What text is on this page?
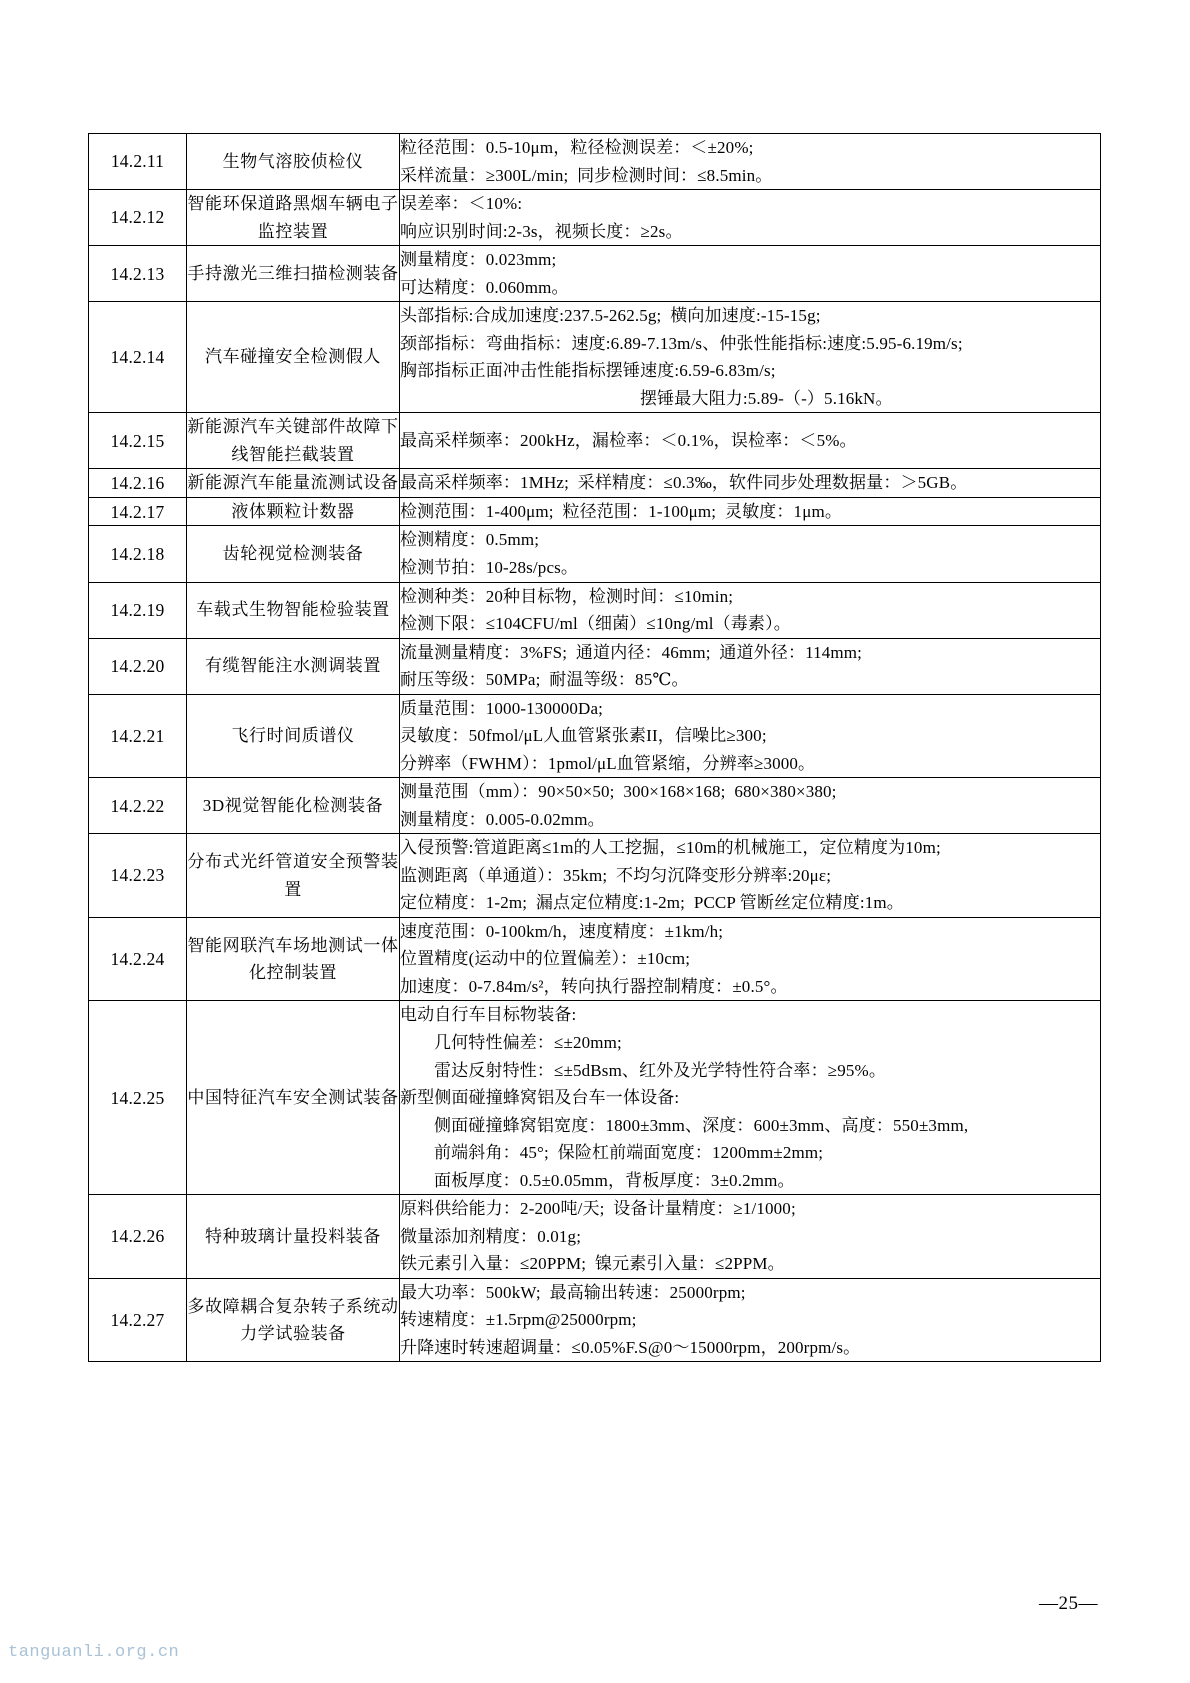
14.2.11	生物气溶胶侦检仪	粒径范围：0.5-10μm，粒径检测误差：＜±20%;
采样流量：≥300L/min;  同步检测时间：≤8.5min。

14.2.12	智能环保道路黑烟车辆电子监控装置	误差率：＜10%:
响应识别时间:2-3s，视频长度：≥2s。

14.2.13	手持激光三维扫描检测装备	测量精度：0.023mm;
可达精度：0.060mm。

14.2.14	汽车碰撞安全检测假人	头部指标:合成加速度:237.5-262.5g;  横向加速度:-15-15g;
颈部指标：弯曲指标：速度:6.89-7.13m/s、仲张性能指标:速度:5.95-6.19m/s;
胸部指标正面冲击性能指标摆锤速度:6.59-6.83m/s;
摆锤最大阻力:5.89-（-）5.16kN。

14.2.15	新能源汽车关键部件故障下线智能拦截装置	最高采样频率：200kHz，漏检率：＜0.1%，误检率：＜5%。

14.2.16	新能源汽车能量流测试设备	最高采样频率：1MHz;  采样精度：≤0.3‰，软件同步处理数据量：＞5GB。

14.2.17	液体颗粒计数器	检测范围：1-400μm;  粒径范围：1-100μm;  灵敏度：1μm。

14.2.18	齿轮视觉检测装备	检测精度：0.5mm;
检测节拍：10-28s/pcs。

14.2.19	车载式生物智能检验装置	检测种类：20种目标物，检测时间：≤10min;
检测下限：≤104CFU/ml（细菌）≤10ng/ml（毒素）。

14.2.20	有缆智能注水测调装置	流量测量精度：3%FS;  通道内径：46mm;  通道外径：114mm;
耐压等级：50MPa;  耐温等级：85℃。

14.2.21	飞行时间质谱仪	质量范围：1000-130000Da;
灵敏度：50fmol/μL人血管紧张素II，信噪比≥300;
分辨率（FWHM）：1pmol/μL血管紧缩，分辨率≥3000。

14.2.22	3D视觉智能化检测装备	测量范围（mm）：90×50×50;  300×168×168;  680×380×380;
测量精度：0.005-0.02mm。

14.2.23	分布式光纤管道安全预警装置	入侵预警:管道距离≤1m的人工挖掘，≤10m的机械施工，定位精度为10m;
监测距离（单通道）：35km;  不均匀沉降变形分辨率:20με;
定位精度：1-2m;  漏点定位精度:1-2m;  PCCP 管断丝定位精度:1m。

14.2.24	智能网联汽车场地测试一体化控制装置	速度范围：0-100km/h，速度精度：±1km/h;
位置精度(运动中的位置偏差）：±10cm;
加速度：0-7.84m/s²，转向执行器控制精度：±0.5°。

14.2.25	中国特征汽车安全测试装备	
电动自行车目标物装备:
几何特性偏差：≤±20mm;
雷达反射特性：≤±5dBsm、红外及光学特性符合率：≥95%。
新型侧面碰撞蜂窝铝及台车一体设备:
侧面碰撞蜂窝铝宽度：1800±3mm、深度：600±3mm、高度：550±3mm,
前端斜角：45°;  保险杠前端面宽度：1200mm±2mm;
面板厚度：0.5±0.05mm，背板厚度：3±0.2mm。

14.2.26	特种玻璃计量投料装备	原料供给能力：2-200吨/天;  设备计量精度：≥1/1000;
微量添加剂精度：0.01g;
铁元素引入量：≤20PPM;  镍元素引入量：≤2PPM。

14.2.27	多故障耦合复杂转子系统动力学试验装备	最大功率：500kW;  最高输出转速：25000rpm;
转速精度：±1.5rpm@25000rpm;
升降速时转速超调量：≤0.05%F.S@0～15000rpm，200rpm/s。
—25—
tanguanli.org.cn
